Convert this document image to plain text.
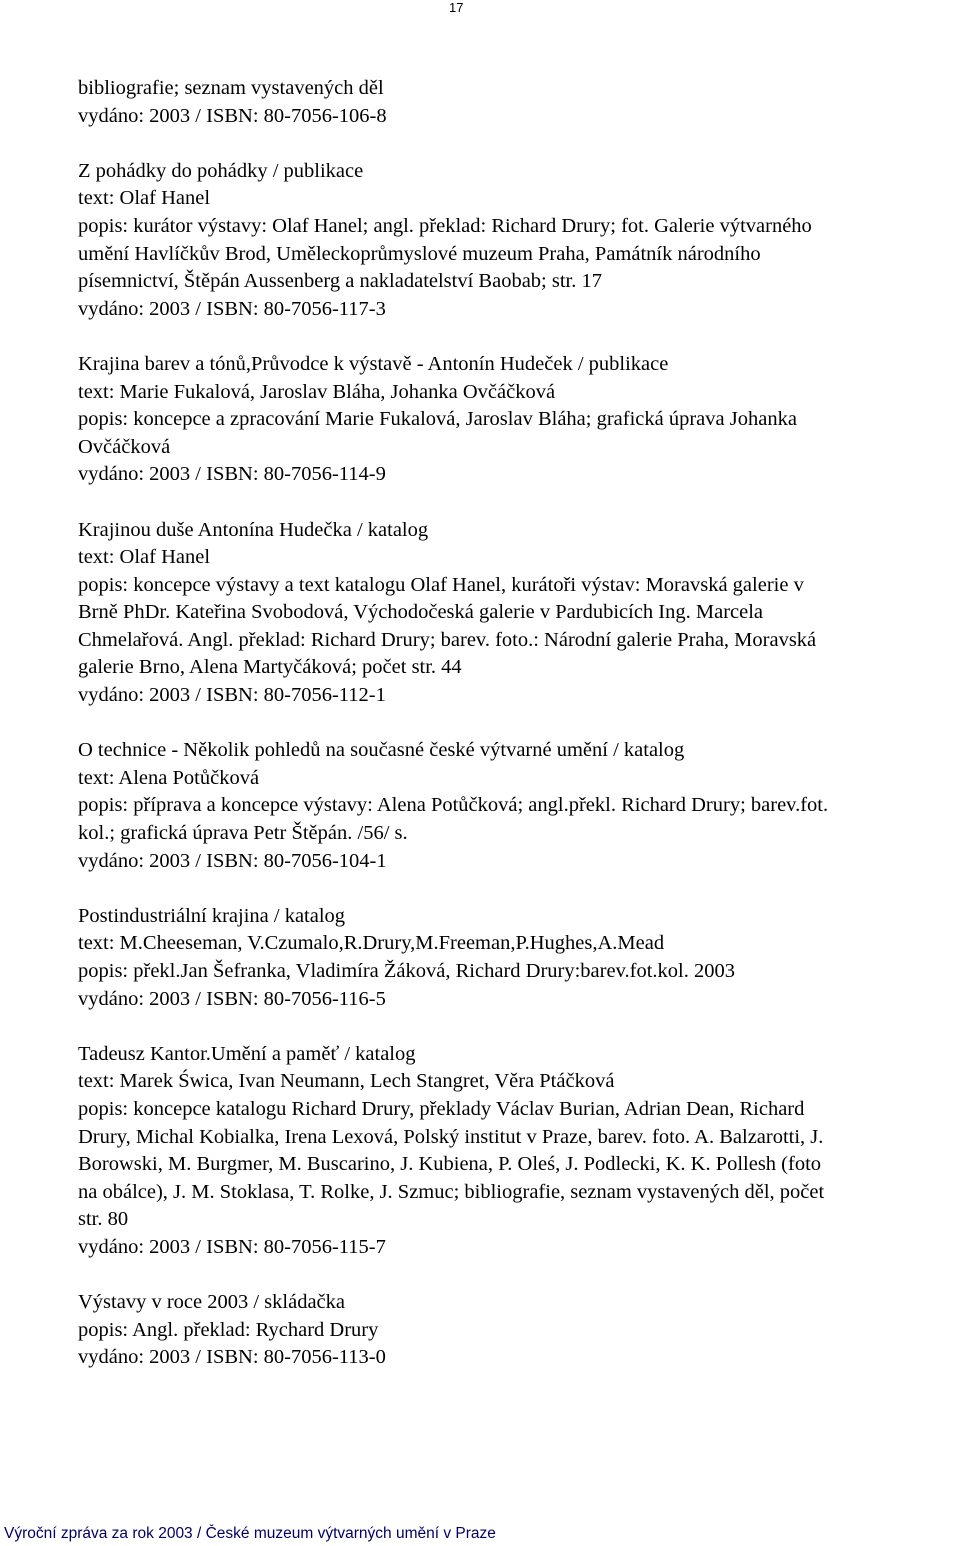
17
bibliografie; seznam vystavených děl
vydáno: 2003 / ISBN: 80-7056-106-8
Z pohádky do pohádky / publikace
text: Olaf Hanel
popis: kurátor výstavy: Olaf Hanel; angl. překlad: Richard Drury; fot. Galerie výtvarného
umění Havlíčkův Brod, Uměleckoprůmyslové muzeum Praha, Památník národního
písemnictví, Štěpán Aussenberg a nakladatelství Baobab; str. 17
vydáno: 2003 / ISBN: 80-7056-117-3
Krajina barev a tónů,Průvodce k výstavě - Antonín Hudeček / publikace
text: Marie Fukalová, Jaroslav Bláha, Johanka Ovčáčková
popis: koncepce a zpracování Marie Fukalová, Jaroslav Bláha; grafická úprava Johanka
Ovčáčková
vydáno: 2003 / ISBN: 80-7056-114-9
Krajinou duše Antonína Hudečka / katalog
text: Olaf Hanel
popis: koncepce výstavy a text katalogu Olaf Hanel, kurátoři výstav: Moravská galerie v
Brně PhDr. Kateřina Svobodová, Východočeská galerie v Pardubicích Ing. Marcela
Chmelařová. Angl. překlad: Richard Drury; barev. foto.: Národní galerie Praha, Moravská
galerie Brno, Alena Martyčáková; počet str. 44
vydáno: 2003 / ISBN: 80-7056-112-1
O technice - Několik pohledů na současné české výtvarné umění / katalog
text: Alena Potůčková
popis: příprava a koncepce výstavy: Alena Potůčková; angl.překl. Richard Drury; barev.fot.
kol.; grafická úprava Petr Štěpán. /56/ s.
vydáno: 2003 / ISBN: 80-7056-104-1
Postindustriální krajina / katalog
text: M.Cheeseman, V.Czumalo,R.Drury,M.Freeman,P.Hughes,A.Mead
popis: překl.Jan Šefranka, Vladimíra Žáková, Richard Drury:barev.fot.kol. 2003
vydáno: 2003 / ISBN: 80-7056-116-5
Tadeusz Kantor.Umění a paměť / katalog
text: Marek Świca, Ivan Neumann, Lech Stangret, Věra Ptáčková
popis: koncepce katalogu Richard Drury, překlady Václav Burian, Adrian Dean, Richard
Drury, Michal Kobialka, Irena Lexová, Polský institut v Praze, barev. foto. A. Balzarotti, J.
Borowski, M. Burgmer, M. Buscarino, J. Kubiena, P. Oleś, J. Podlecki, K. K. Pollesh (foto
na obálce), J. M. Stoklasa, T. Rolke, J. Szmuc; bibliografie, seznam vystavených děl, počet
str. 80
vydáno: 2003 / ISBN: 80-7056-115-7
Výstavy v roce 2003 / skládačka
popis: Angl. překlad: Rychard Drury
vydáno: 2003 / ISBN: 80-7056-113-0
Výroční zpráva za rok 2003 / České muzeum výtvarných umění v Praze
